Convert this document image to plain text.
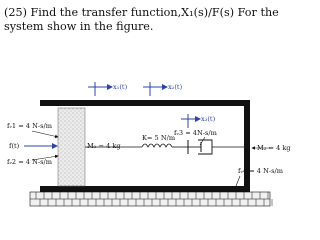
(25) Find the transfer function,X₁(s)/F(s) For the system show in the figure.

x₁(t)	x₂(t)
M₁ = 4 kg
fᵥ1 = 4 N-s/m
f(t)
fᵥ2 = 4 N-s/m
K= 5 N/m
x₃(t)
fᵥ3 = 4N-s/m
M₂ = 4 kg
fᵥ4 = 4 N-s/m
